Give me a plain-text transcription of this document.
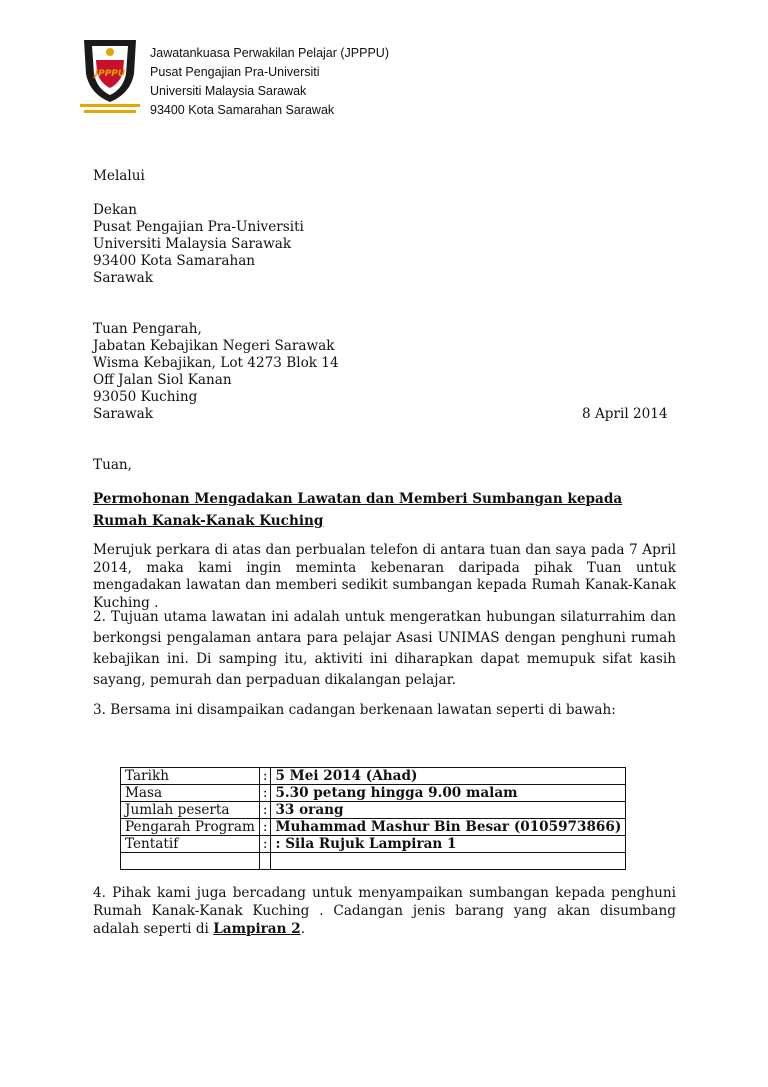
JPPPU
Jawatankuasa Perwakilan Pelajar (JPPPU)
Pusat Pengajian Pra-Universiti
Universiti Malaysia Sarawak
93400 Kota Samarahan Sarawak
Melalui
Dekan
Pusat Pengajian Pra-Universiti
Universiti Malaysia Sarawak
93400 Kota Samarahan
Sarawak
Tuan Pengarah,
Jabatan Kebajikan Negeri Sarawak
Wisma Kebajikan, Lot 4273 Blok 14
Off Jalan Siol Kanan
93050 Kuching
Sarawak	8 April 2014
Tuan,
Permohonan Mengadakan Lawatan dan Memberi Sumbangan kepada Rumah Kanak-Kanak Kuching

Merujuk perkara di atas dan perbualan telefon di antara tuan dan saya pada 7 April 2014, maka kami ingin meminta kebenaran daripada pihak Tuan untuk mengadakan lawatan dan memberi sedikit sumbangan kepada Rumah Kanak-Kanak Kuching .

2. Tujuan utama lawatan ini adalah untuk mengeratkan hubungan silaturrahim dan berkongsi pengalaman antara para pelajar Asasi UNIMAS dengan penghuni rumah kebajikan ini. Di samping itu, aktiviti ini diharapkan dapat memupuk sifat kasih sayang, pemurah dan perpaduan dikalangan pelajar.

3. Bersama ini disampaikan cadangan berkenaan lawatan seperti di bawah:
Tarikh	:	5 Mei 2014 (Ahad)
Masa	:	5.30 petang hingga 9.00 malam
Jumlah peserta	:	33 orang
Pengarah Program	:	Muhammad Mashur Bin Besar (0105973866)
Tentatif	:	: Sila Rujuk Lampiran 1

4. Pihak kami juga bercadang untuk menyampaikan sumbangan kepada penghuni Rumah Kanak-Kanak Kuching . Cadangan jenis barang yang akan disumbang adalah seperti di Lampiran 2.
